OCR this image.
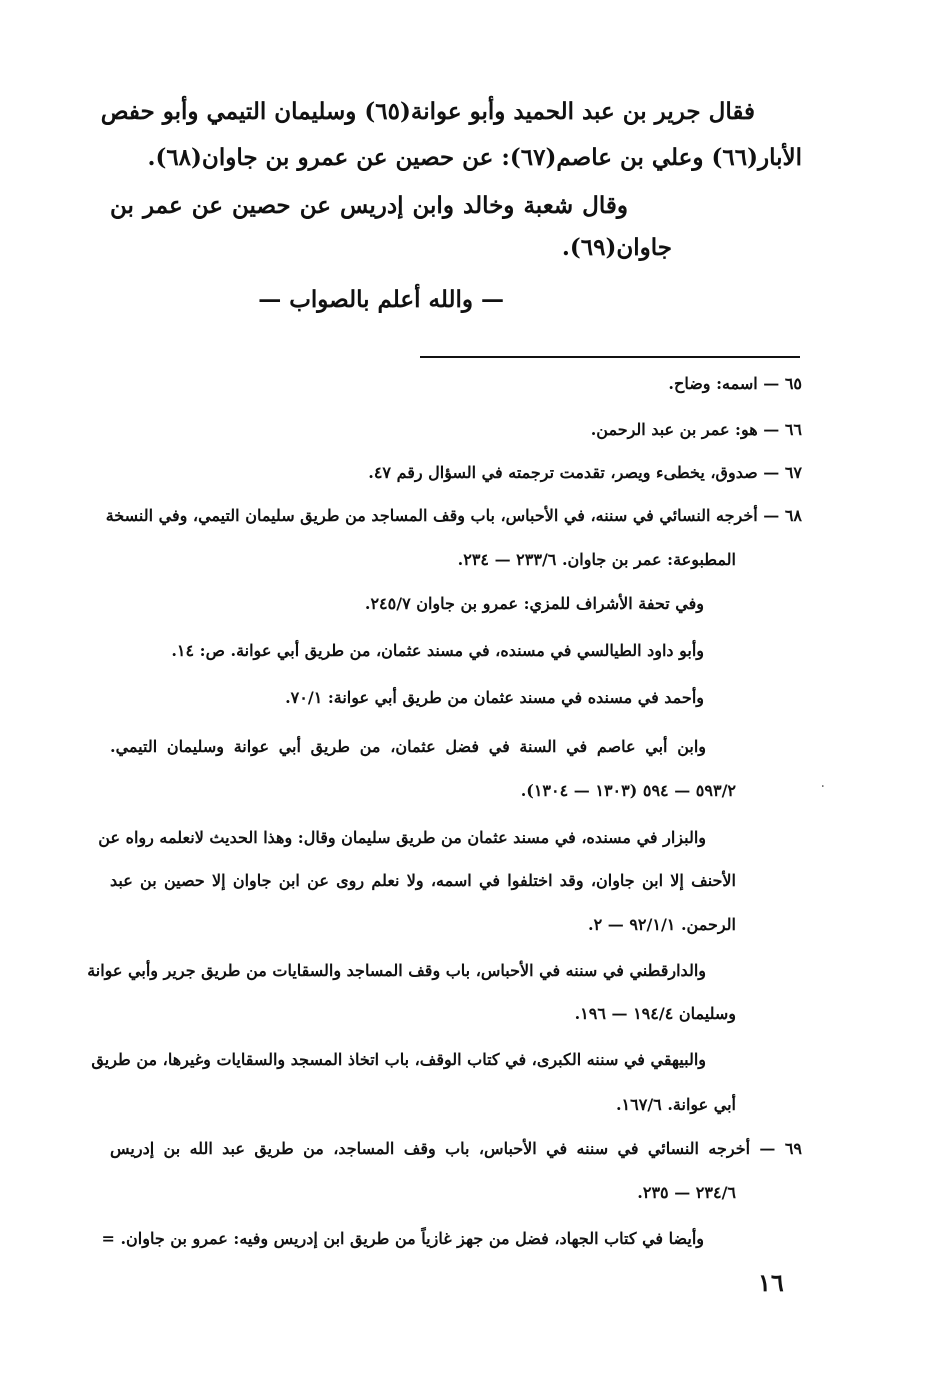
فقال جرير بن عبد الحميد وأبو عوانة(٦٥) وسليمان التيمي وأبو حفص
الأبار(٦٦) وعلي بن عاصم(٦٧): عن حصين عن عمرو بن جاوان(٦٨).
وقال شعبة وخالد وابن إدريس عن حصين عن عمر بن
جاوان(٦٩).
— والله أعلم بالصواب —
٦٥ — اسمه: وضاح.
٦٦ — هو: عمر بن عبد الرحمن.
٦٧ — صدوق، يخطىء ويصر، تقدمت ترجمته في السؤال رقم ٤٧.
٦٨ — أخرجه النسائي في سننه، في الأحباس، باب وقف المساجد من طريق سليمان التيمي، وفي النسخة
المطبوعة: عمر بن جاوان. ٢٣٣/٦ — ٢٣٤.
وفي تحفة الأشراف للمزي: عمرو بن جاوان ٢٤٥/٧.
وأبو داود الطيالسي في مسنده، في مسند عثمان، من طريق أبي عوانة. ص: ١٤.
وأحمد في مسنده في مسند عثمان من طريق أبي عوانة: ٧٠/١.
وابن أبي عاصم في السنة في فضل عثمان، من طريق أبي عوانة وسليمان التيمي.
٠
٥٩٣/٢ — ٥٩٤ (١٣٠٣ — ١٣٠٤).
والبزار في مسنده، في مسند عثمان من طريق سليمان وقال: وهذا الحديث لانعلمه رواه عن
الأحنف إلا ابن جاوان، وقد اختلفوا في اسمه، ولا نعلم روى عن ابن جاوان إلا حصين بن عبد
الرحمن. ٩٢/١/١ — ٢.
والدارقطني في سننه في الأحباس، باب وقف المساجد والسقايات من طريق جرير وأبي عوانة
وسليمان ١٩٤/٤ — ١٩٦.
والبيهقي في سننه الكبرى، في كتاب الوقف، باب اتخاذ المسجد والسقايات وغيرها، من طريق
أبي عوانة. ١٦٧/٦.
٦٩ — أخرجه النسائي في سننه في الأحباس، باب وقف المساجد، من طريق عبد الله بن إدريس
٢٣٤/٦ — ٢٣٥.
وأيضا في كتاب الجهاد، فضل من جهز غازياً من طريق ابن إدريس وفيه: عمرو بن جاوان. =
١٦
